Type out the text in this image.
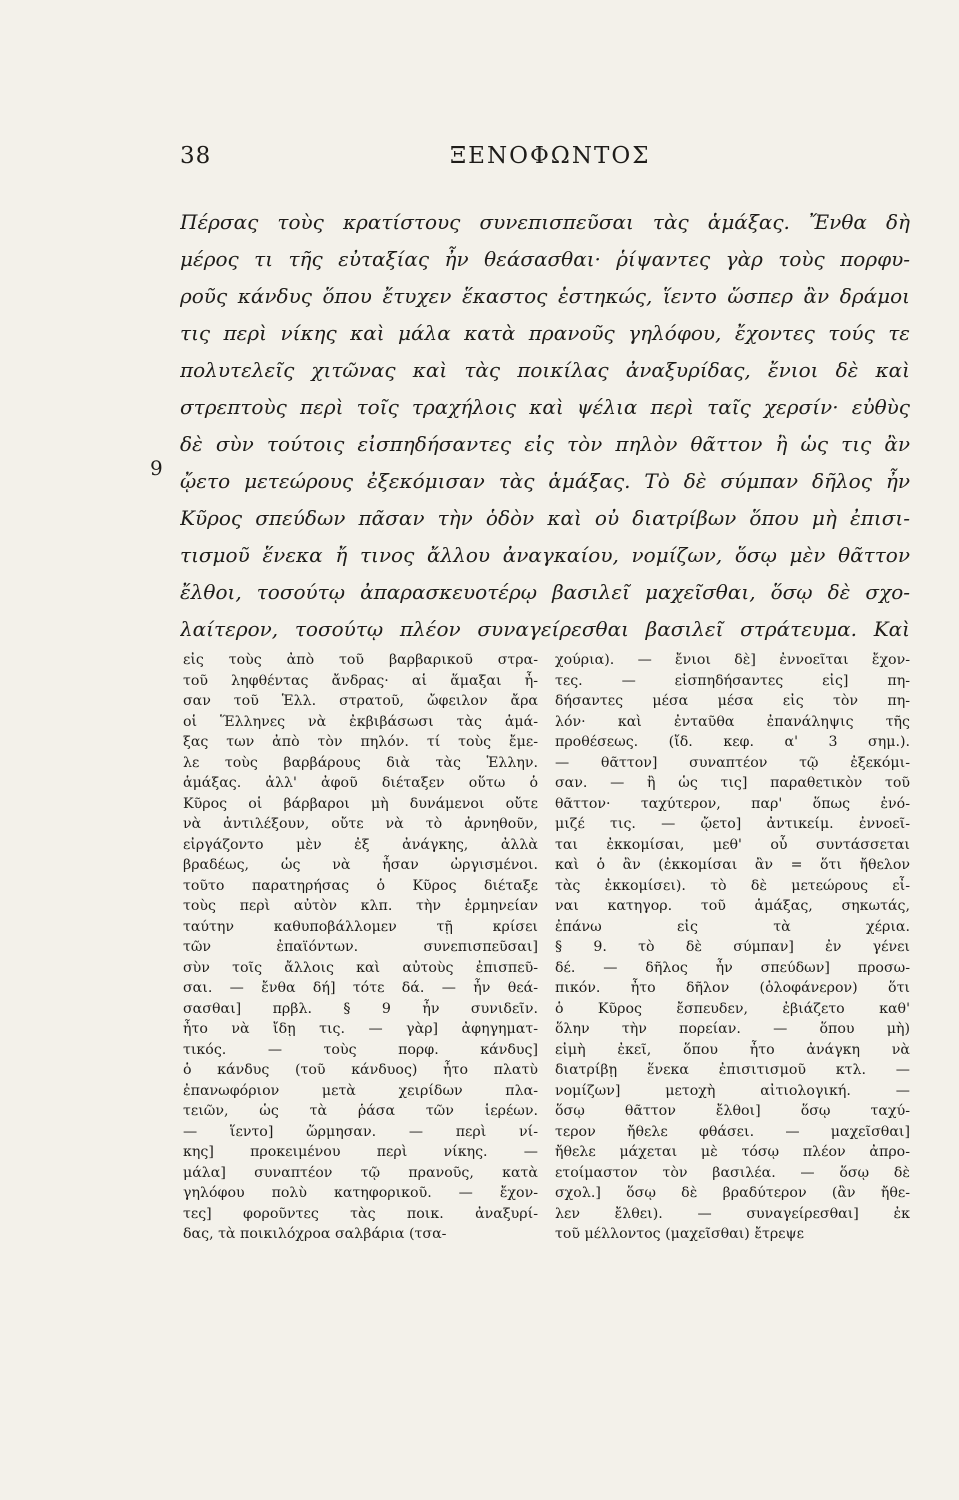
38	ΞΕΝΟΦΩΝΤΟΣ
Πέρσας τοὺς κρατίστους συνεπισπεῦσαι τὰς ἁμάξας. Ἔνθα δὴ
μέρος τι τῆς εὐταξίας ἦν θεάσασθαι· ῥίψαντες γὰρ τοὺς πορφυ-
ροῦς κάνδυς ὅπου ἔτυχεν ἕκαστος ἑστηκώς, ἵεντο ὥσπερ ἂν δράμοι
τις περὶ νίκης καὶ μάλα κατὰ πρανοῦς γηλόφου, ἔχοντες τούς τε
πολυτελεῖς χιτῶνας καὶ τὰς ποικίλας ἀναξυρίδας, ἔνιοι δὲ καὶ
στρεπτοὺς περὶ τοῖς τραχήλοις καὶ ψέλια περὶ ταῖς χερσίν· εὐθὺς
δὲ σὺν τούτοις εἰσπηδήσαντες εἰς τὸν πηλὸν θᾶττον ἢ ὡς τις ἂν
ᾤετο μετεώρους ἐξεκόμισαν τὰς ἁμάξας. Τὸ δὲ σύμπαν δῆλος ἦν
Κῦρος σπεύδων πᾶσαν τὴν ὁδὸν καὶ οὐ διατρίβων ὅπου μὴ ἐπισι-
τισμοῦ ἕνεκα ἤ τινος ἄλλου ἀναγκαίου, νομίζων, ὅσῳ μὲν θᾶττον
ἔλθοι, τοσούτῳ ἀπαρασκευοτέρῳ βασιλεῖ μαχεῖσθαι, ὅσῳ δὲ σχο-
λαίτερον, τοσούτῳ πλέον συναγείρεσθαι βασιλεῖ στράτευμα. Καὶ
9
εἰς τοὺς ἀπὸ τοῦ βαρβαρικοῦ στρα-
τοῦ ληφθέντας ἄνδρας· αἱ ἅμαξαι ἦ-
σαν τοῦ Ἑλλ. στρατοῦ, ὤφειλον ἄρα
οἱ Ἕλληνες νὰ ἐκβιβάσωσι τὰς ἁμά-
ξας των ἀπὸ τὸν πηλόν. τί τοὺς ἔμε-
λε τοὺς βαρβάρους διὰ τὰς Ἑλλην.
ἁμάξας. ἀλλ' ἀφοῦ διέταξεν οὕτω ὁ
Κῦρος οἱ βάρβαροι μὴ δυνάμενοι οὔτε
νὰ ἀντιλέξουν, οὔτε νὰ τὸ ἀρνηθοῦν,
εἰργάζοντο μὲν ἐξ ἀνάγκης, ἀλλὰ
βραδέως, ὡς νὰ ἦσαν ὠργισμένοι.
τοῦτο παρατηρήσας ὁ Κῦρος διέταξε
τοὺς περὶ αὐτὸν κλπ. τὴν ἑρμηνείαν
ταύτην καθυποβάλλομεν τῇ κρίσει
τῶν ἐπαϊόντων. συνεπισπεῦσαι]
σὺν τοῖς ἄλλοις καὶ αὐτοὺς ἐπισπεῦ-
σαι. — ἔνθα δή] τότε δά. — ἦν θεά-
σασθαι] πρβλ. § 9 ἦν συνιδεῖν.
ἦτο νὰ ἴδῃ τις. — γὰρ] ἀφηγηματ-
τικός. — τοὺς πορφ. κάνδυς]
ὁ κάνδυς (τοῦ κάνδυος) ἦτο πλατὺ
ἐπανωφόριον μετὰ χειρίδων πλα-
τειῶν, ὡς τὰ ῥάσα τῶν ἱερέων.
— ἵεντο] ὥρμησαν. — περὶ νί-
κης] προκειμένου περὶ νίκης. —
μάλα] συναπτέον τῷ πρανοῦς, κατὰ
γηλόφου πολὺ κατηφορικοῦ. — ἔχον-
τες] φοροῦντες τὰς ποικ. ἀναξυρί-
δας, τὰ ποικιλόχροα σαλβάρια (τσα-
χούρια). — ἔνιοι δὲ] ἐννοεῖται ἔχον-
τες. — εἰσπηδήσαντες εἰς] πη-
δήσαντες μέσα μέσα εἰς τὸν πη-
λόν· καὶ ἐνταῦθα ἐπανάληψις τῆς
προθέσεως. (ἴδ. κεφ. α' 3 σημ.).
— θᾶττον] συναπτέον τῷ ἐξεκόμι-
σαν. — ἢ ὡς τις] παραθετικὸν τοῦ
θᾶττον· ταχύτερον, παρ' ὅπως ἐνό-
μιζέ τις. — ᾤετο] ἀντικείμ. ἐννοεῖ-
ται ἐκκομίσαι, μεθ' οὗ συντάσσεται
καὶ ὁ ἂν (ἐκκομίσαι ἂν = ὅτι ἤθελον
τὰς ἐκκομίσει). τὸ δὲ μετεώρους εἶ-
ναι κατηγορ. τοῦ ἁμάξας, σηκωτάς,
ἐπάνω εἰς τὰ χέρια.
§ 9. τὸ δὲ σύμπαν] ἐν γένει
δέ. — δῆλος ἦν σπεύδων] προσω-
πικόν. ἦτο δῆλον (ὁλοφάνερον) ὅτι
ὁ Κῦρος ἔσπευδεν, ἐβιάζετο καθ'
ὅλην τὴν πορείαν. — ὅπου μὴ)
εἰμὴ ἐκεῖ, ὅπου ἦτο ἀνάγκη νὰ
διατρίβῃ ἕνεκα ἐπισιτισμοῦ κτλ. —
νομίζων] μετοχὴ αἰτιολογική. —
ὅσῳ θᾶττον ἔλθοι] ὅσῳ ταχύ-
τερον ἤθελε φθάσει. — μαχεῖσθαι]
ἤθελε μάχεται μὲ τόσῳ πλέον ἀπρο-
ετοίμαστον τὸν βασιλέα. — ὅσῳ δὲ
σχολ.] ὅσῳ δὲ βραδύτερον (ἂν ἤθε-
λεν ἔλθει). — συναγείρεσθαι] ἐκ
τοῦ μέλλοντος (μαχεῖσθαι) ἔτρεψε
